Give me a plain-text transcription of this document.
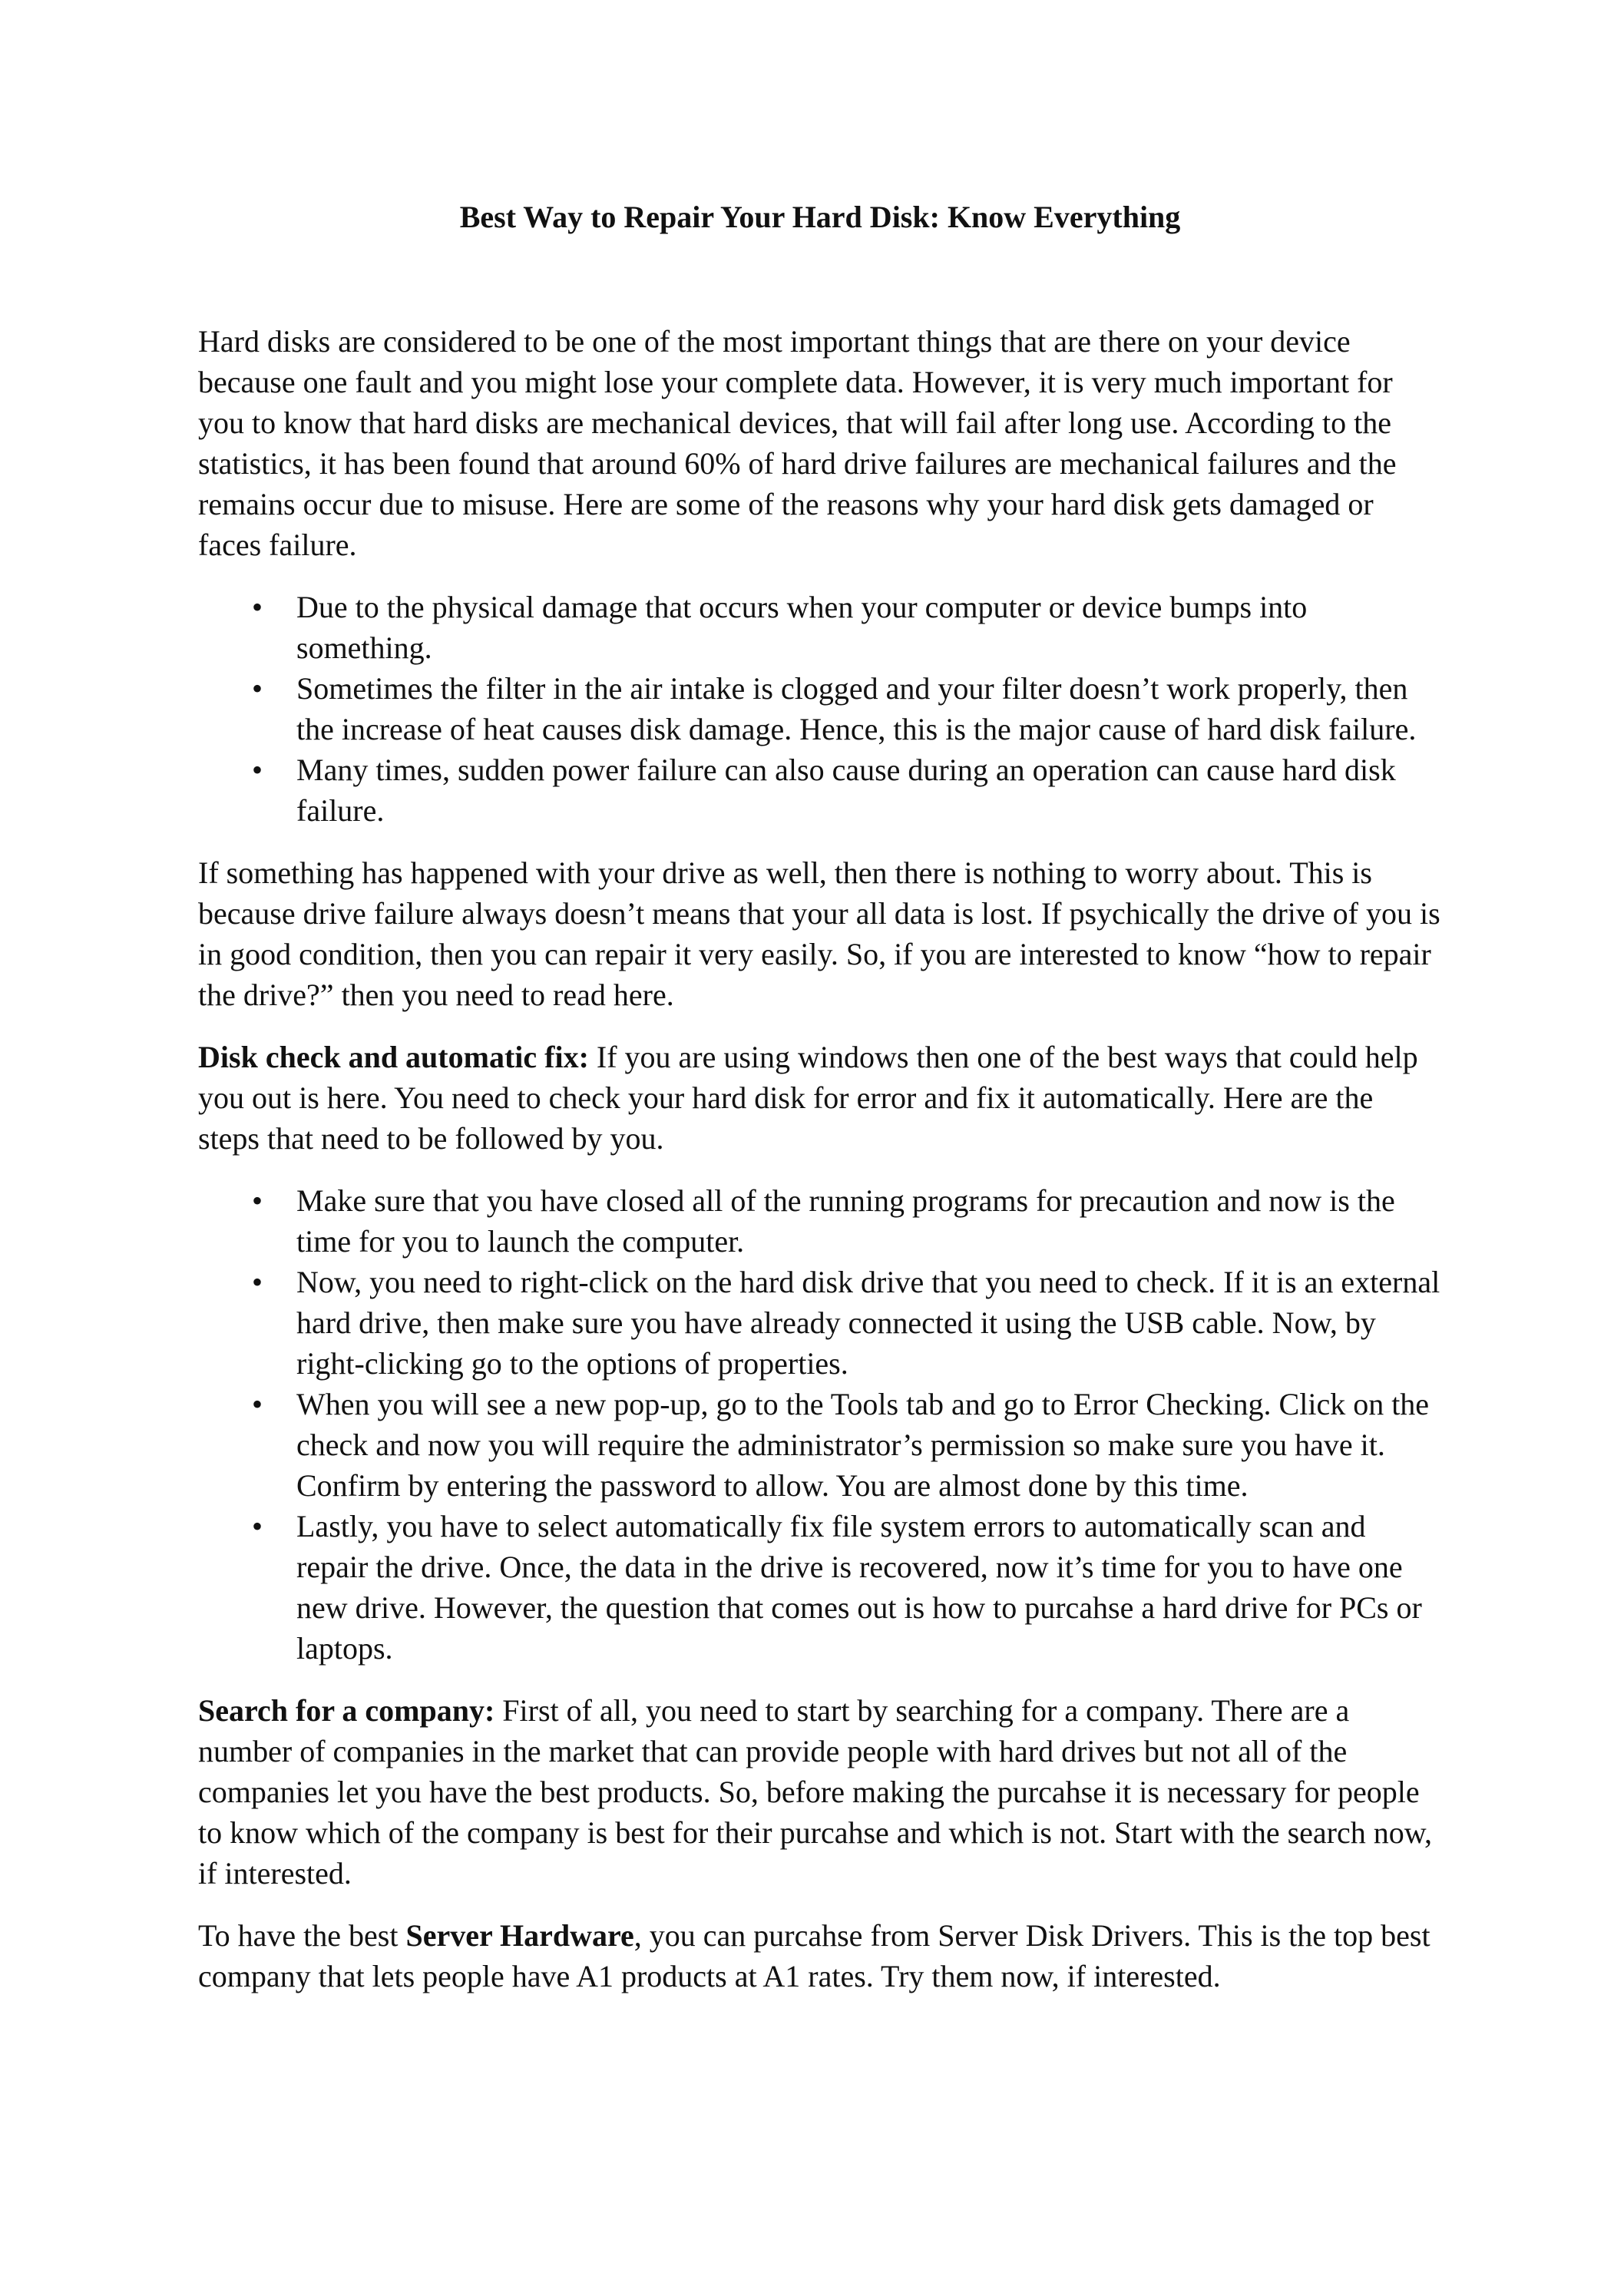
Best Way to Repair Your Hard Disk: Know Everything

Hard disks are considered to be one of the most important things that are there on your device because one fault and you might lose your complete data. However, it is very much important for you to know that hard disks are mechanical devices, that will fail after long use. According to the statistics, it has been found that around 60% of hard drive failures are mechanical failures and the remains occur due to misuse. Here are some of the reasons why your hard disk gets damaged or faces failure.

• Due to the physical damage that occurs when your computer or device bumps into something.
• Sometimes the filter in the air intake is clogged and your filter doesn’t work properly, then the increase of heat causes disk damage. Hence, this is the major cause of hard disk failure.
• Many times, sudden power failure can also cause during an operation can cause hard disk failure.

If something has happened with your drive as well, then there is nothing to worry about. This is because drive failure always doesn’t means that your all data is lost. If psychically the drive of you is in good condition, then you can repair it very easily. So, if you are interested to know “how to repair the drive?” then you need to read here.

Disk check and automatic fix: If you are using windows then one of the best ways that could help you out is here. You need to check your hard disk for error and fix it automatically. Here are the steps that need to be followed by you.

• Make sure that you have closed all of the running programs for precaution and now is the time for you to launch the computer.
• Now, you need to right-click on the hard disk drive that you need to check. If it is an external hard drive, then make sure you have already connected it using the USB cable. Now, by right-clicking go to the options of properties.
• When you will see a new pop-up, go to the Tools tab and go to Error Checking. Click on the check and now you will require the administrator’s permission so make sure you have it. Confirm by entering the password to allow. You are almost done by this time.
• Lastly, you have to select automatically fix file system errors to automatically scan and repair the drive. Once, the data in the drive is recovered, now it’s time for you to have one new drive. However, the question that comes out is how to purcahse a hard drive for PCs or laptops.

Search for a company: First of all, you need to start by searching for a company. There are a number of companies in the market that can provide people with hard drives but not all of the companies let you have the best products. So, before making the purcahse it is necessary for people to know which of the company is best for their purcahse and which is not. Start with the search now, if interested.

To have the best Server Hardware, you can purcahse from Server Disk Drivers. This is the top best company that lets people have A1 products at A1 rates. Try them now, if interested.
